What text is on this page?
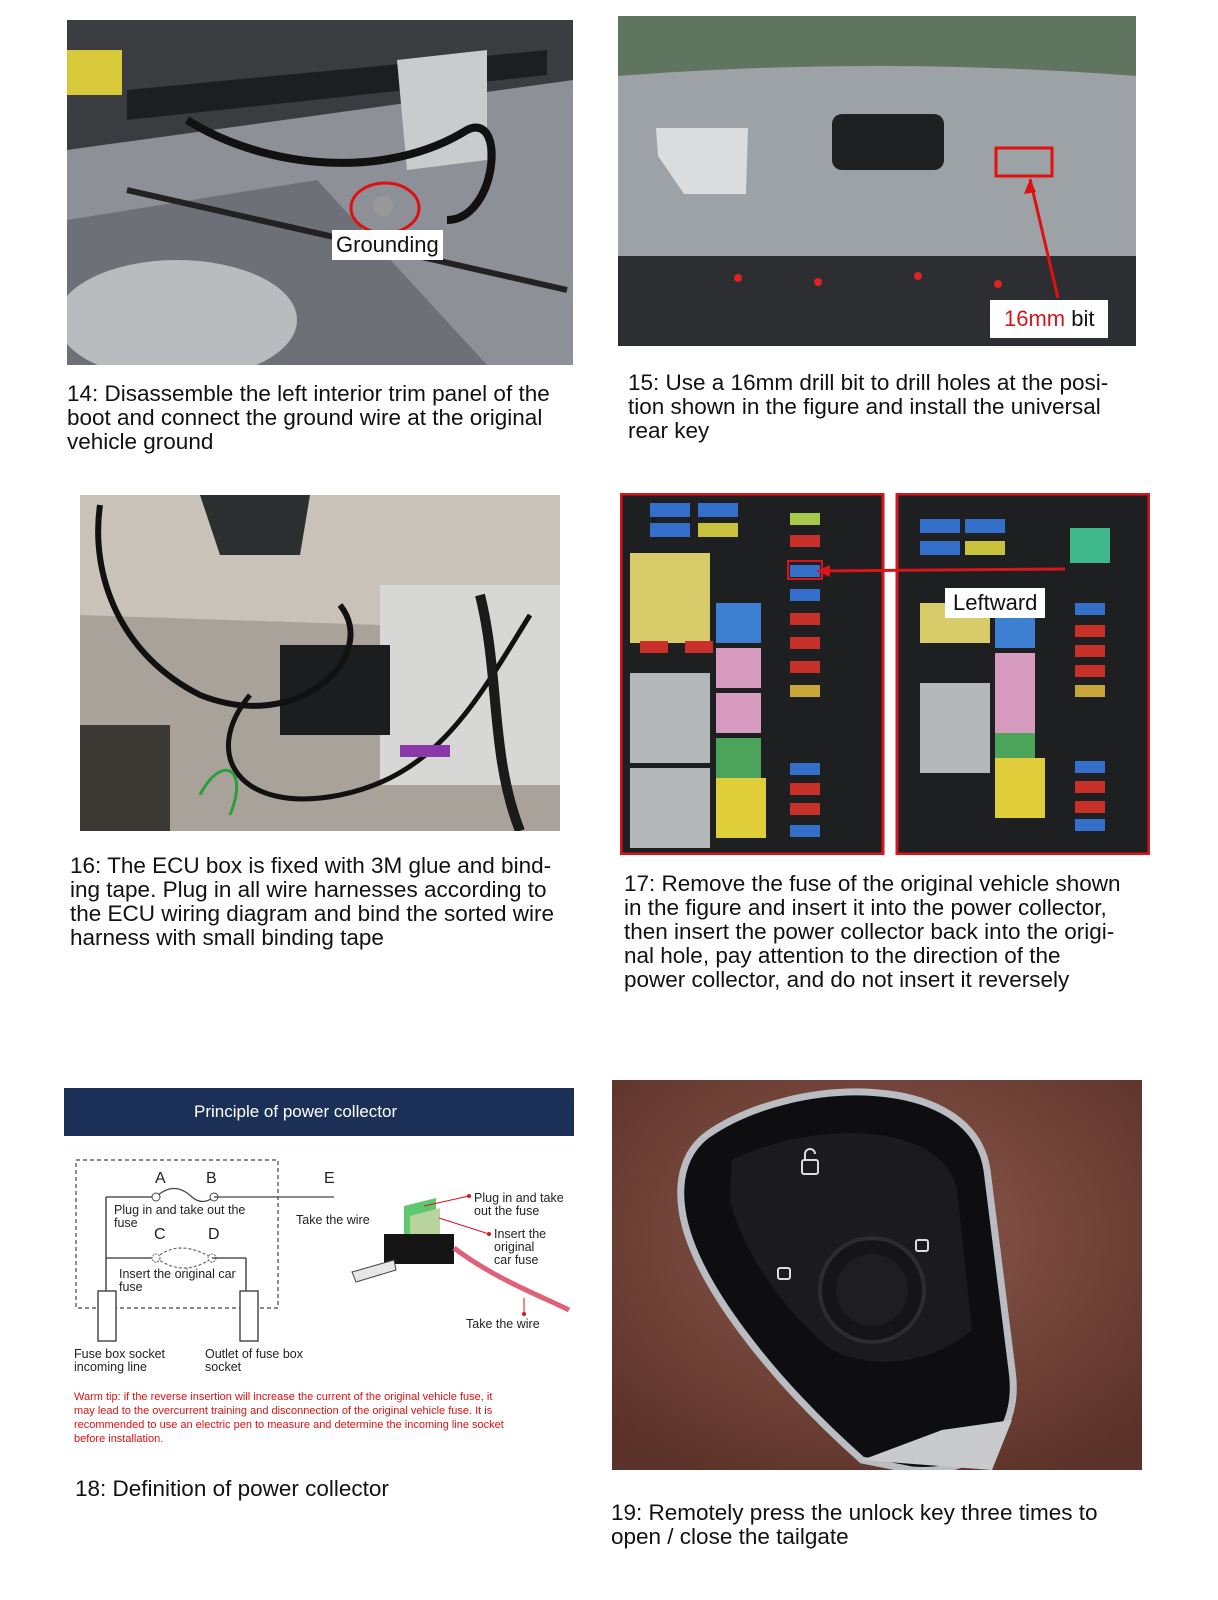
Grounding
14: Disassemble the left interior trim panel of the
boot and connect the ground wire at the original
vehicle ground
16mm bit
15: Use a 16mm drill bit to drill holes at the posi-
tion shown in the figure and install the universal
rear key
16: The ECU box is fixed with 3M glue and bind-
ing tape. Plug in all wire harnesses according to
the ECU wiring diagram and bind the sorted wire
harness with small binding tape
Leftward
17: Remove the fuse of the original vehicle shown
in the figure and insert it into the power collector,
then insert the power collector back into the origi-
nal hole, pay attention to the direction of the
power collector, and do not insert it reversely
Principle of power collector
A	B
C	D
E
Plug in and take out the
fuse	Take the wire
Insert the original car
fuse
Plug in and take
out the fuse
Insert the original
car fuse
Take the wire
Fuse box socket
incoming line
Outlet of fuse box
socket
Warm tip: if the reverse insertion will increase the current of the original vehicle fuse, it
may lead to the overcurrent training and disconnection of the original vehicle fuse. It is
recommended to use an electric pen to measure and determine the incoming line socket
before installation.
18: Definition of power collector
19: Remotely press the unlock key three times to
open / close the tailgate
